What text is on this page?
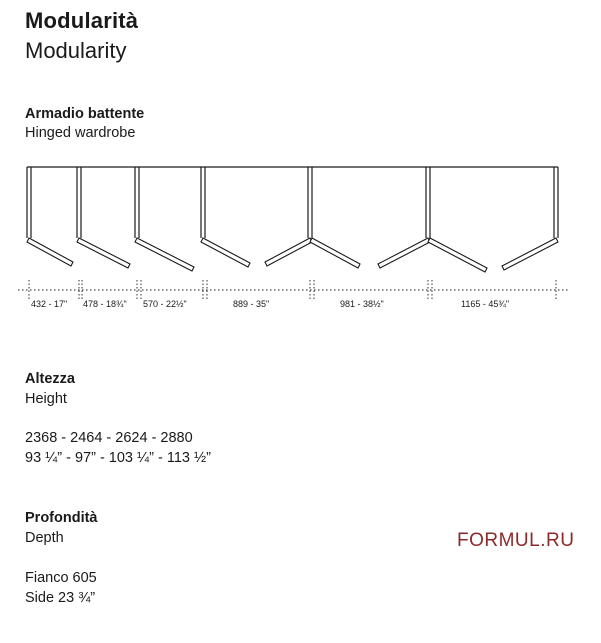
Modularità
Modularity
Armadio battente
Hinged wardrobe
432 - 17" 478 - 18¾" 570 - 22½"	889 - 35"	981 - 38½"	1165 - 45¾"
Altezza
Height
2368 - 2464 - 2624 - 2880
93 ¼” - 97” - 103 ¼” - 113 ½”
Profondità
Depth
Fianco 605
Side 23 ¾”
FORMUL.RU
